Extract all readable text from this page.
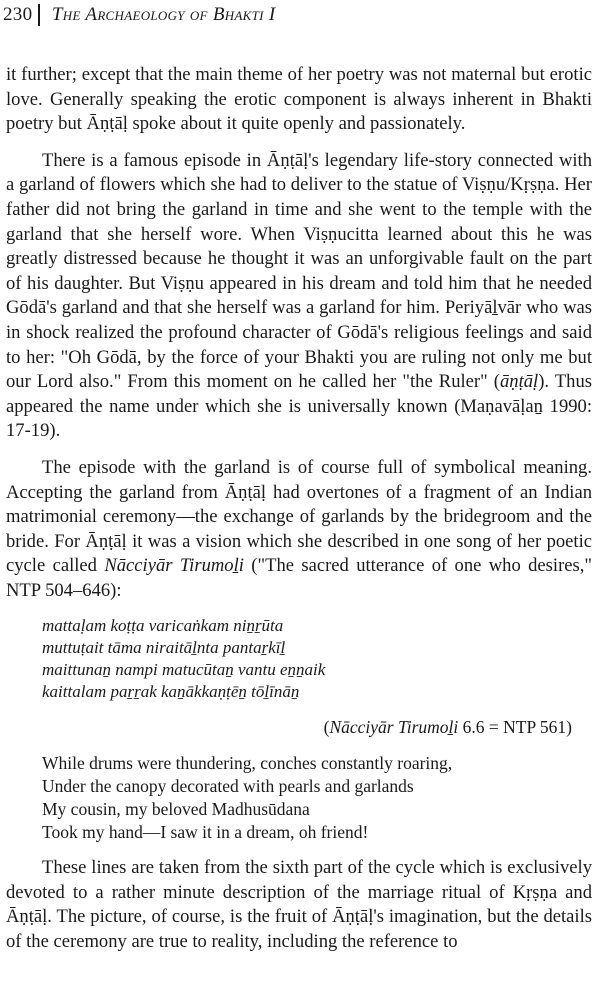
230 The Archaeology of Bhakti I

it further; except that the main theme of her poetry was not maternal but erotic love. Generally speaking the erotic component is always inherent in Bhakti poetry but Āṇṭāḷ spoke about it quite openly and passionately.

There is a famous episode in Āṇṭāḷ's legendary life-story connected with a garland of flowers which she had to deliver to the statue of Viṣṇu/Kṛṣṇa. Her father did not bring the garland in time and she went to the temple with the garland that she herself wore. When Viṣṇucitta learned about this he was greatly distressed because he thought it was an unforgivable fault on the part of his daughter. But Viṣṇu appeared in his dream and told him that he needed Gōdā's garland and that she herself was a garland for him. Periyāḻvār who was in shock realized the profound character of Gōdā's religious feelings and said to her: "Oh Gōdā, by the force of your Bhakti you are ruling not only me but our Lord also." From this moment on he called her "the Ruler" (āṇṭāḷ). Thus appeared the name under which she is universally known (Maṇavāḷaṉ 1990: 17-19).

The episode with the garland is of course full of symbolical meaning. Accepting the garland from Āṇṭāḷ had overtones of a fragment of an Indian matrimonial ceremony—the exchange of garlands by the bridegroom and the bride. For Āṇṭāḷ it was a vision which she described in one song of her poetic cycle called Nācciyār Tirumoḻi ("The sacred utterance of one who desires," NTP 504–646):

mattaḷam koṭṭa varicaṅkam niṉṟūta
muttuṭait tāma niraitāḻnta pantaṟkīḻ
maittunaṉ nampi matucūtaṉ vantu eṉṉaik
kaittalam paṟṟak kaṉākkaṇṭēṉ tōḻīnāṉ
(Nācciyār Tirumoḻi 6.6 = NTP 561)
While drums were thundering, conches constantly roaring,
Under the canopy decorated with pearls and garlands
My cousin, my beloved Madhusūdana
Took my hand—I saw it in a dream, oh friend!

These lines are taken from the sixth part of the cycle which is exclusively devoted to a rather minute description of the marriage ritual of Kṛṣṇa and Āṇṭāḷ. The picture, of course, is the fruit of Āṇṭāḷ's imagination, but the details of the ceremony are true to reality, including the reference to
